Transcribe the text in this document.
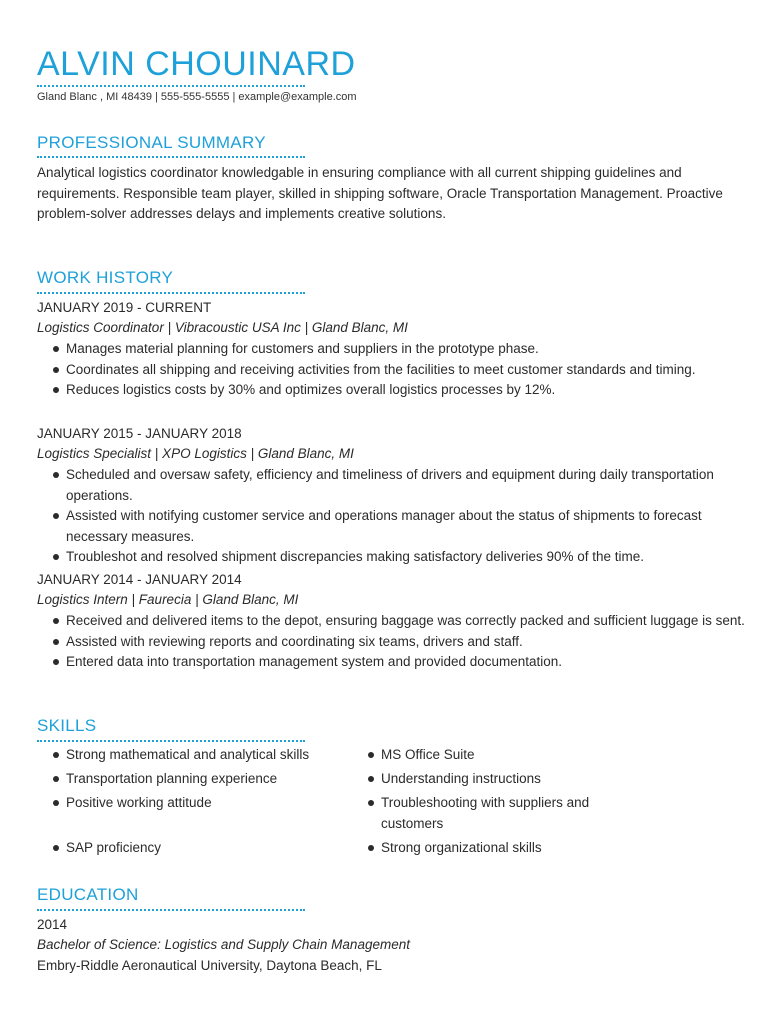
ALVIN CHOUINARD
Gland Blanc , MI 48439 | 555-555-5555 | example@example.com
PROFESSIONAL SUMMARY
Analytical logistics coordinator knowledgable in ensuring compliance with all current shipping guidelines and requirements. Responsible team player, skilled in shipping software, Oracle Transportation Management. Proactive problem-solver addresses delays and implements creative solutions.
WORK HISTORY
JANUARY 2019 - CURRENT
Logistics Coordinator | Vibracoustic USA Inc | Gland Blanc, MI
Manages material planning for customers and suppliers in the prototype phase.
Coordinates all shipping and receiving activities from the facilities to meet customer standards and timing.
Reduces logistics costs by 30% and optimizes overall logistics processes by 12%.
JANUARY 2015 - JANUARY 2018
Logistics Specialist | XPO Logistics | Gland Blanc, MI
Scheduled and oversaw safety, efficiency and timeliness of drivers and equipment during daily transportation operations.
Assisted with notifying customer service and operations manager about the status of shipments to forecast necessary measures.
Troubleshot and resolved shipment discrepancies making satisfactory deliveries 90% of the time.
JANUARY 2014 - JANUARY 2014
Logistics Intern | Faurecia | Gland Blanc, MI
Received and delivered items to the depot, ensuring baggage was correctly packed and sufficient luggage is sent.
Assisted with reviewing reports and coordinating six teams, drivers and staff.
Entered data into transportation management system and provided documentation.
SKILLS
Strong mathematical and analytical skills
Transportation planning experience
Positive working attitude
SAP proficiency
MS Office Suite
Understanding instructions
Troubleshooting with suppliers and customers
Strong organizational skills
EDUCATION
2014
Bachelor of Science: Logistics and Supply Chain Management
Embry-Riddle Aeronautical University, Daytona Beach, FL
